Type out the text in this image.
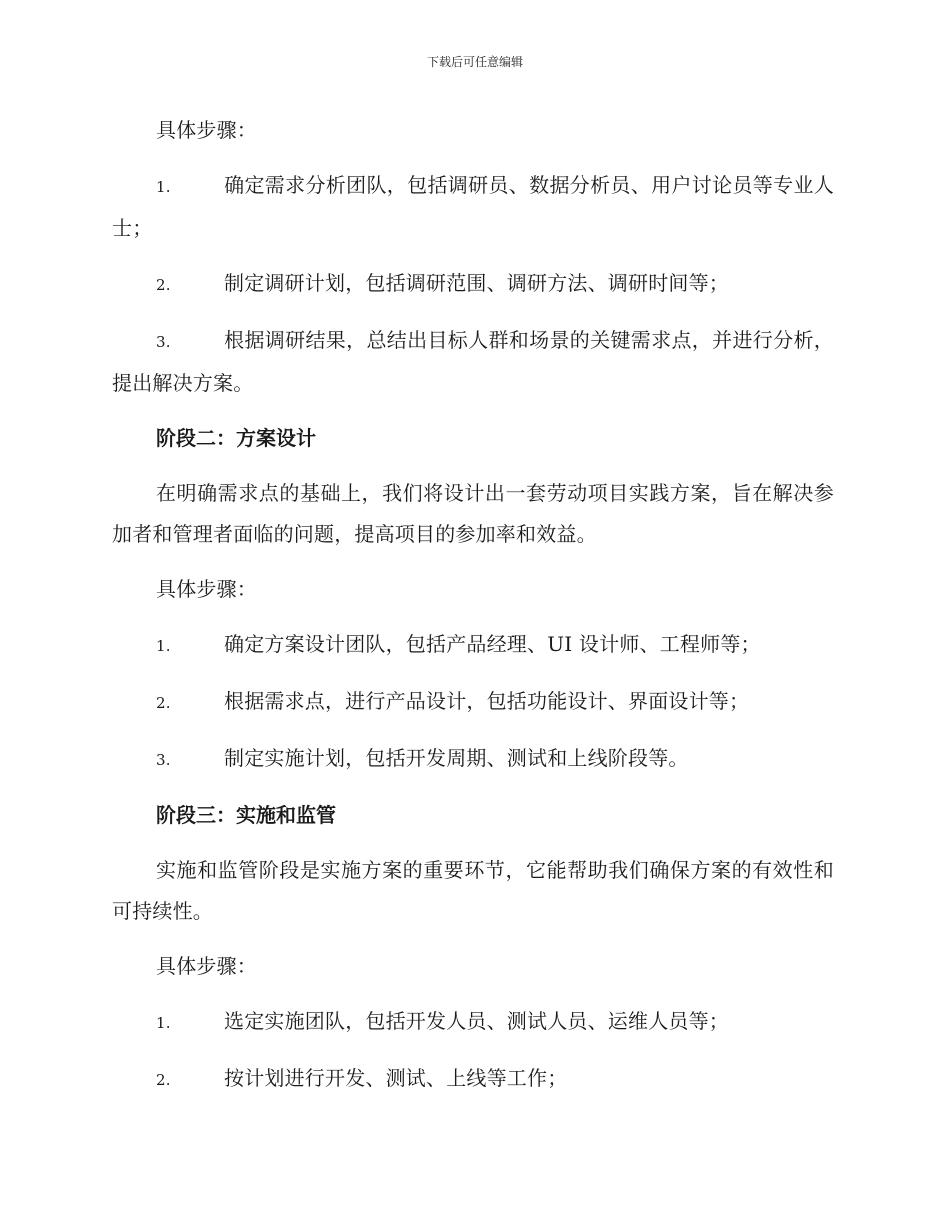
下载后可任意编辑

具体步骤：

1.	确定需求分析团队，包括调研员、数据分析员、用户讨论员等专业人士；

2.	制定调研计划，包括调研范围、调研方法、调研时间等；

3.	根据调研结果，总结出目标人群和场景的关键需求点，并进行分析，提出解决方案。

阶段二：方案设计

在明确需求点的基础上，我们将设计出一套劳动项目实践方案，旨在解决参加者和管理者面临的问题，提高项目的参加率和效益。

具体步骤：

1.	确定方案设计团队，包括产品经理、UI 设计师、工程师等；

2.	根据需求点，进行产品设计，包括功能设计、界面设计等；

3.	制定实施计划，包括开发周期、测试和上线阶段等。

阶段三：实施和监管

实施和监管阶段是实施方案的重要环节，它能帮助我们确保方案的有效性和可持续性。

具体步骤：

1.	选定实施团队，包括开发人员、测试人员、运维人员等；

2.	按计划进行开发、测试、上线等工作；
